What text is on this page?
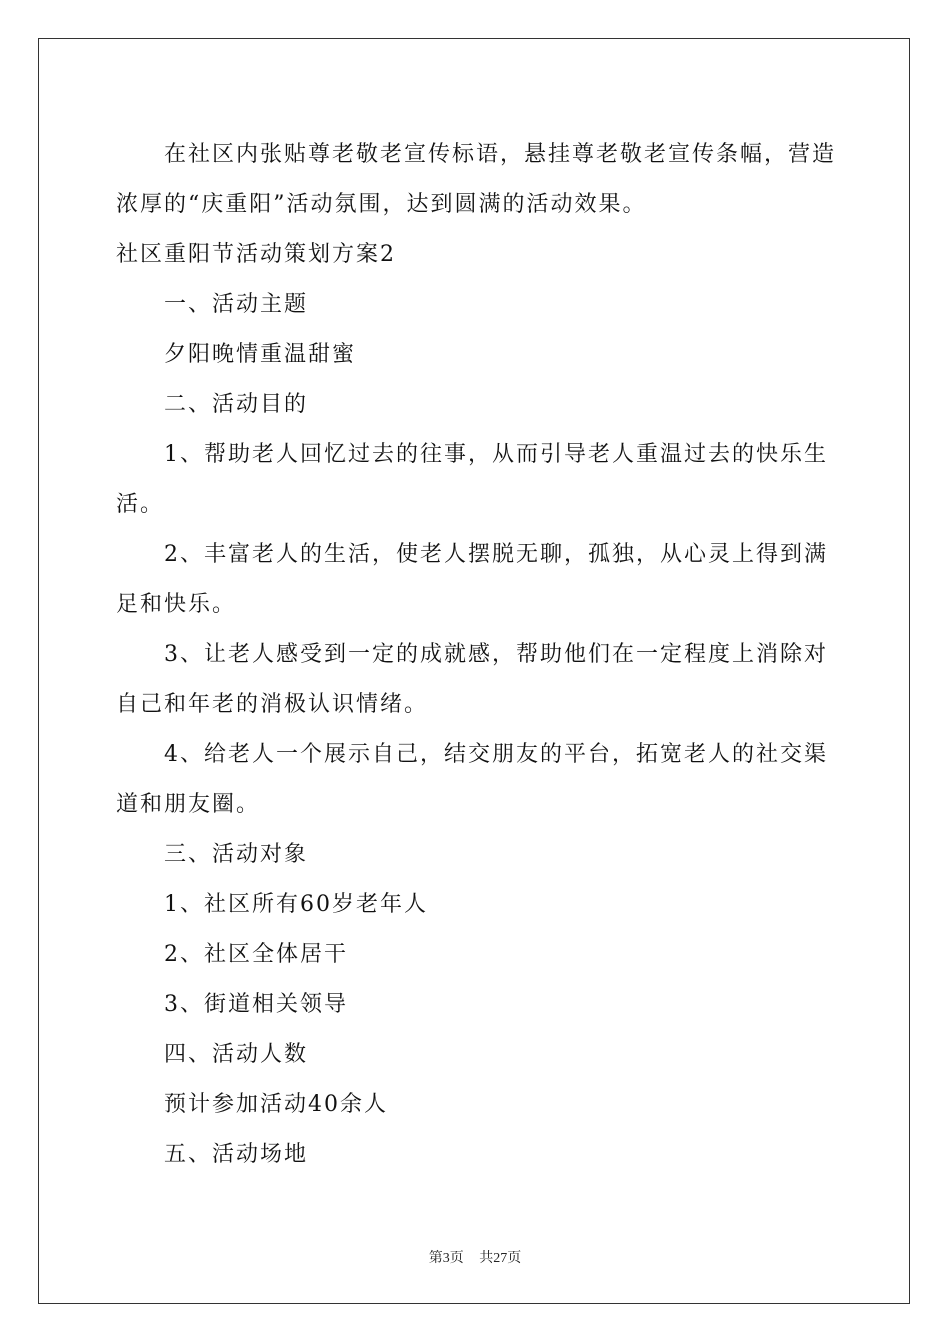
在社区内张贴尊老敬老宣传标语，悬挂尊老敬老宣传条幅，营造
浓厚的“庆重阳”活动氛围，达到圆满的活动效果。
社区重阳节活动策划方案2
一、活动主题
夕阳晚情重温甜蜜
二、活动目的
1、帮助老人回忆过去的往事，从而引导老人重温过去的快乐生
活。
2、丰富老人的生活，使老人摆脱无聊，孤独，从心灵上得到满
足和快乐。
3、让老人感受到一定的成就感，帮助他们在一定程度上消除对
自己和年老的消极认识情绪。
4、给老人一个展示自己，结交朋友的平台，拓宽老人的社交渠
道和朋友圈。
三、活动对象
1、社区所有60岁老年人
2、社区全体居干
3、街道相关领导
四、活动人数
预计参加活动40余人
五、活动场地
第3页 共27页
